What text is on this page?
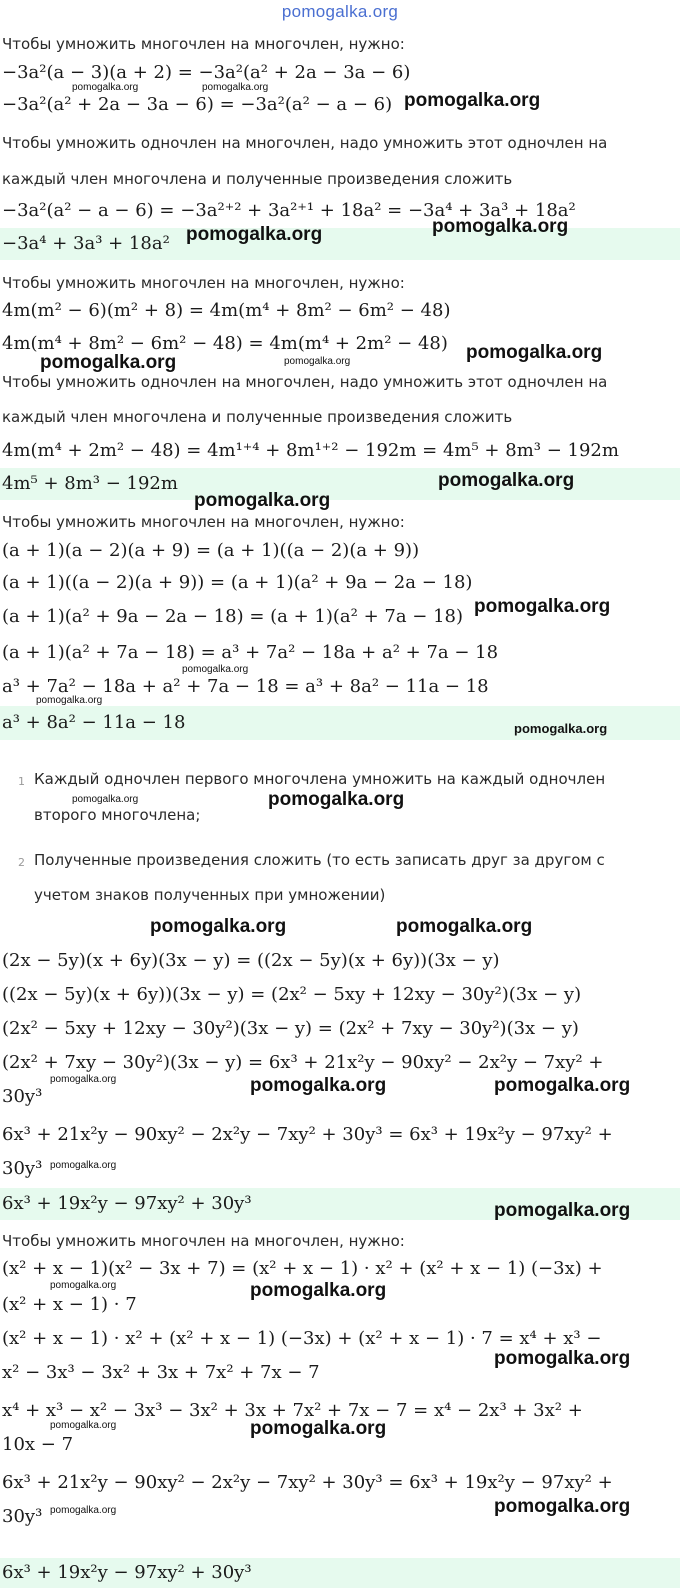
pomogalka.org
Чтобы умножить многочлен на многочлен, нужно:
−3a²(a − 3)(a + 2) = −3a²(a² + 2a − 3a − 6)
−3a²(a² + 2a − 3a − 6) = −3a²(a² − a − 6)
Чтобы умножить одночлен на многочлен, надо умножить этот одночлен на
каждый член многочлена и полученные произведения сложить
−3a²(a² − a − 6) = −3a²⁺² + 3a²⁺¹ + 18a² = −3a⁴ + 3a³ + 18a²
−3a⁴ + 3a³ + 18a²
Чтобы умножить многочлен на многочлен, нужно:
4m(m² − 6)(m² + 8) = 4m(m⁴ + 8m² − 6m² − 48)
4m(m⁴ + 8m² − 6m² − 48) = 4m(m⁴ + 2m² − 48)
Чтобы умножить одночлен на многочлен, надо умножить этот одночлен на
каждый член многочлена и полученные произведения сложить
4m(m⁴ + 2m² − 48) = 4m¹⁺⁴ + 8m¹⁺² − 192m = 4m⁵ + 8m³ − 192m
4m⁵ + 8m³ − 192m
Чтобы умножить многочлен на многочлен, нужно:
(a + 1)(a − 2)(a + 9) = (a + 1)((a − 2)(a + 9))
(a + 1)((a − 2)(a + 9)) = (a + 1)(a² + 9a − 2a − 18)
(a + 1)(a² + 9a − 2a − 18) = (a + 1)(a² + 7a − 18)
(a + 1)(a² + 7a − 18) = a³ + 7a² − 18a + a² + 7a − 18
a³ + 7a² − 18a + a² + 7a − 18 = a³ + 8a² − 11a − 18
a³ + 8a² − 11a − 18
1 Каждый одночлен первого многочлена умножить на каждый одночлен
второго многочлена;
2 Полученные произведения сложить (то есть записать друг за другом с
учетом знаков полученных при умножении)
(2x − 5y)(x + 6y)(3x − y) = ((2x − 5y)(x + 6y))(3x − y)
((2x − 5y)(x + 6y))(3x − y) = (2x² − 5xy + 12xy − 30y²)(3x − y)
(2x² − 5xy + 12xy − 30y²)(3x − y) = (2x² + 7xy − 30y²)(3x − y)
(2x² + 7xy − 30y²)(3x − y) = 6x³ + 21x²y − 90xy² − 2x²y − 7xy² +
30y³
6x³ + 21x²y − 90xy² − 2x²y − 7xy² + 30y³ = 6x³ + 19x²y − 97xy² +
30y³
6x³ + 19x²y − 97xy² + 30y³
Чтобы умножить многочлен на многочлен, нужно:
(x² + x − 1)(x² − 3x + 7) = (x² + x − 1) · x² + (x² + x − 1) (−3x) +
(x² + x − 1) · 7
(x² + x − 1) · x² + (x² + x − 1) (−3x) + (x² + x − 1) · 7 = x⁴ + x³ −
x² − 3x³ − 3x² + 3x + 7x² + 7x − 7
x⁴ + x³ − x² − 3x³ − 3x² + 3x + 7x² + 7x − 7 = x⁴ − 2x³ + 3x² +
10x − 7
6x³ + 21x²y − 90xy² − 2x²y − 7xy² + 30y³ = 6x³ + 19x²y − 97xy² +
30y³
6x³ + 19x²y − 97xy² + 30y³
pomogalka.org	pomogalka.org
pomogalka.org
pomogalka.org	pomogalka.org
pomogalka.org	pomogalka.org	pomogalka.org
pomogalka.org
pomogalka.org
pomogalka.org
pomogalka.org
pomogalka.org
pomogalka.org
pomogalka.org	pomogalka.org
pomogalka.org	pomogalka.org
pomogalka.org	pomogalka.org	pomogalka.org
pomogalka.org
pomogalka.org
pomogalka.org	pomogalka.org
pomogalka.org
pomogalka.org	pomogalka.org
pomogalka.org	pomogalka.org
